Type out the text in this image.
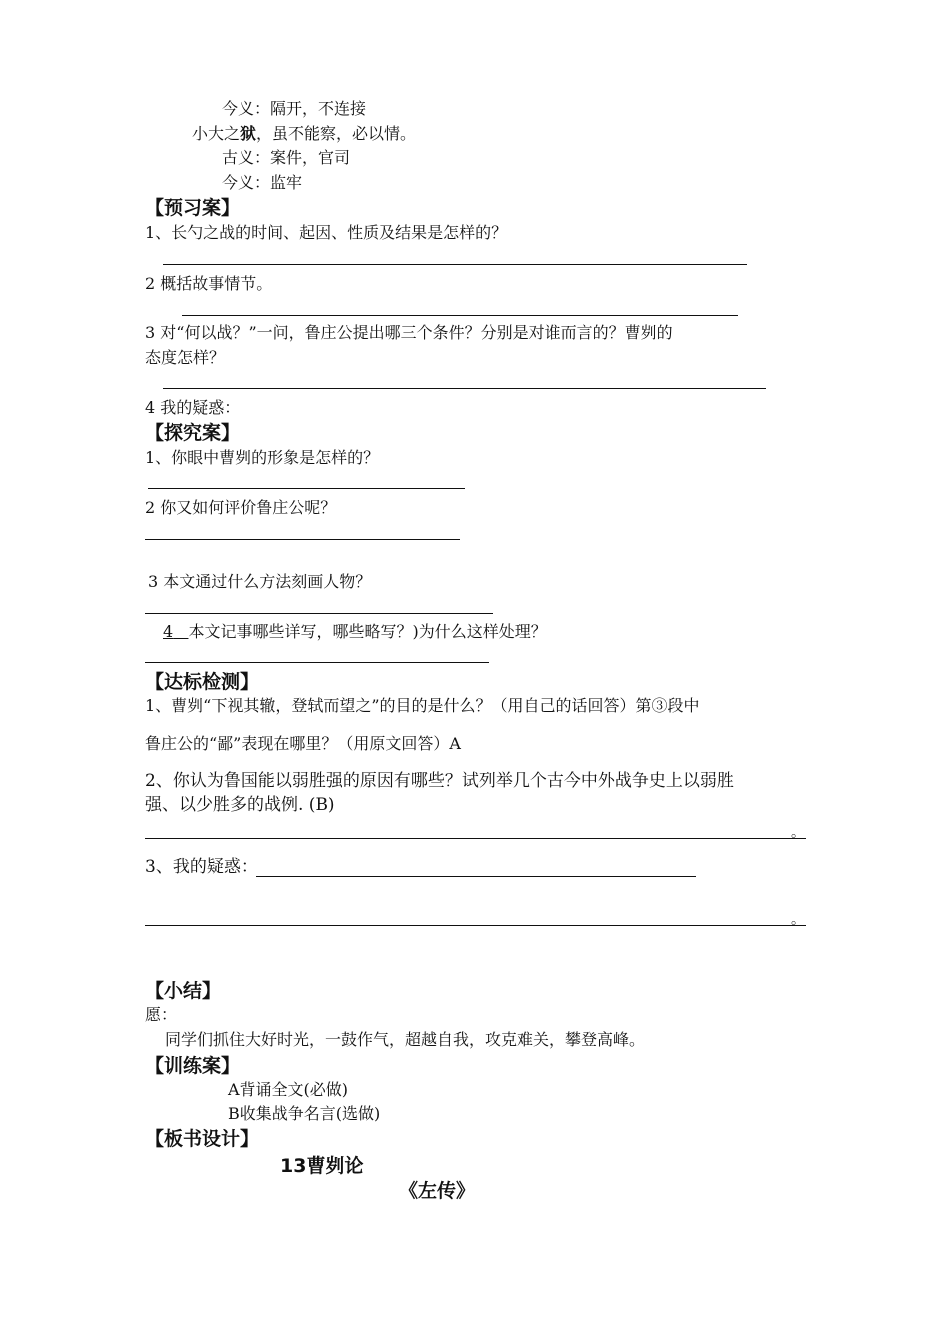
今义：隔开，不连接
小大之狱，虽不能察，必以情。
古义：案件，官司
今义：监牢
【预习案】
1、长勺之战的时间、起因、性质及结果是怎样的？
2 概括故事情节。
3 对“何以战？”一问，鲁庄公提出哪三个条件？分别是对谁而言的？曹刿的
态度怎样？
4 我的疑惑：
【探究案】
1、你眼中曹刿的形象是怎样的？
2 你又如何评价鲁庄公呢？
3 本文通过什么方法刻画人物？
4 本文记事哪些详写，哪些略写？)为什么这样处理？
【达标检测】
1、曹刿“下视其辙，登轼而望之”的目的是什么？（用自己的话回答）第③段中
鲁庄公的“鄙”表现在哪里？（用原文回答）A
2、你认为鲁国能以弱胜强的原因有哪些？试列举几个古今中外战争史上以弱胜
强、以少胜多的战例. (B)
。
3、我的疑惑：
。
【小结】
愿：
同学们抓住大好时光，一鼓作气，超越自我，攻克难关，攀登高峰。
【训练案】
A背诵全文(必做)
B收集战争名言(选做)
【板书设计】
13曹刿论
《左传》
